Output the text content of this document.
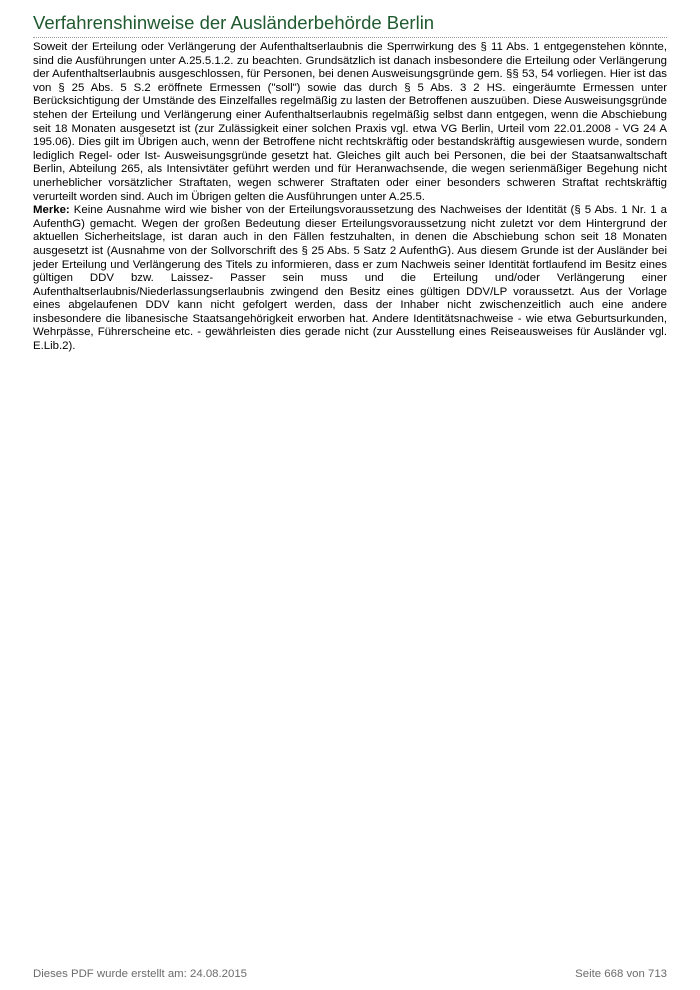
Verfahrenshinweise der Ausländerbehörde Berlin

Soweit der Erteilung oder Verlängerung der Aufenthaltserlaubnis die Sperrwirkung des § 11 Abs. 1 entgegenstehen könnte, sind die Ausführungen unter A.25.5.1.2. zu beachten. Grundsätzlich ist danach insbesondere die Erteilung oder Verlängerung der Aufenthaltserlaubnis ausgeschlossen, für Personen, bei denen Ausweisungsgründe gem. §§ 53, 54 vorliegen. Hier ist das von § 25 Abs. 5 S.2 eröffnete Ermessen ("soll") sowie das durch § 5 Abs. 3 2 HS. eingeräumte Ermessen unter Berücksichtigung der Umstände des Einzelfalles regelmäßig zu lasten der Betroffenen auszuüben. Diese Ausweisungsgründe stehen der Erteilung und Verlängerung einer Aufenthaltserlaubnis regelmäßig selbst dann entgegen, wenn die Abschiebung seit 18 Monaten ausgesetzt ist (zur Zulässigkeit einer solchen Praxis vgl. etwa VG Berlin, Urteil vom 22.01.2008 - VG 24 A 195.06). Dies gilt im Übrigen auch, wenn der Betroffene nicht rechtskräftig oder bestandskräftig ausgewiesen wurde, sondern lediglich Regel- oder Ist- Ausweisungsgründe gesetzt hat. Gleiches gilt auch bei Personen, die bei der Staatsanwaltschaft Berlin, Abteilung 265, als Intensivtäter geführt werden und für Heranwachsende, die wegen serienmäßiger Begehung nicht unerheblicher vorsätzlicher Straftaten, wegen schwerer Straftaten oder einer besonders schweren Straftat rechtskräftig verurteilt worden sind. Auch im Übrigen gelten die Ausführungen unter A.25.5.

Merke: Keine Ausnahme wird wie bisher von der Erteilungsvoraussetzung des Nachweises der Identität (§ 5 Abs. 1 Nr. 1 a AufenthG) gemacht. Wegen der großen Bedeutung dieser Erteilungsvoraussetzung nicht zuletzt vor dem Hintergrund der aktuellen Sicherheitslage, ist daran auch in den Fällen festzuhalten, in denen die Abschiebung schon seit 18 Monaten ausgesetzt ist (Ausnahme von der Sollvorschrift des § 25 Abs. 5 Satz 2 AufenthG). Aus diesem Grunde ist der Ausländer bei jeder Erteilung und Verlängerung des Titels zu informieren, dass er zum Nachweis seiner Identität fortlaufend im Besitz eines gültigen DDV bzw. Laissez- Passer sein muss und die Erteilung und/oder Verlängerung einer Aufenthaltserlaubnis/Niederlassungserlaubnis zwingend den Besitz eines gültigen DDV/LP voraussetzt. Aus der Vorlage eines abgelaufenen DDV kann nicht gefolgert werden, dass der Inhaber nicht zwischenzeitlich auch eine andere insbesondere die libanesische Staatsangehörigkeit erworben hat. Andere Identitätsnachweise - wie etwa Geburtsurkunden, Wehrpässe, Führerscheine etc. - gewährleisten dies gerade nicht (zur Ausstellung eines Reiseausweises für Ausländer vgl. E.Lib.2).

Dieses PDF wurde erstellt am: 24.08.2015	Seite 668 von 713
